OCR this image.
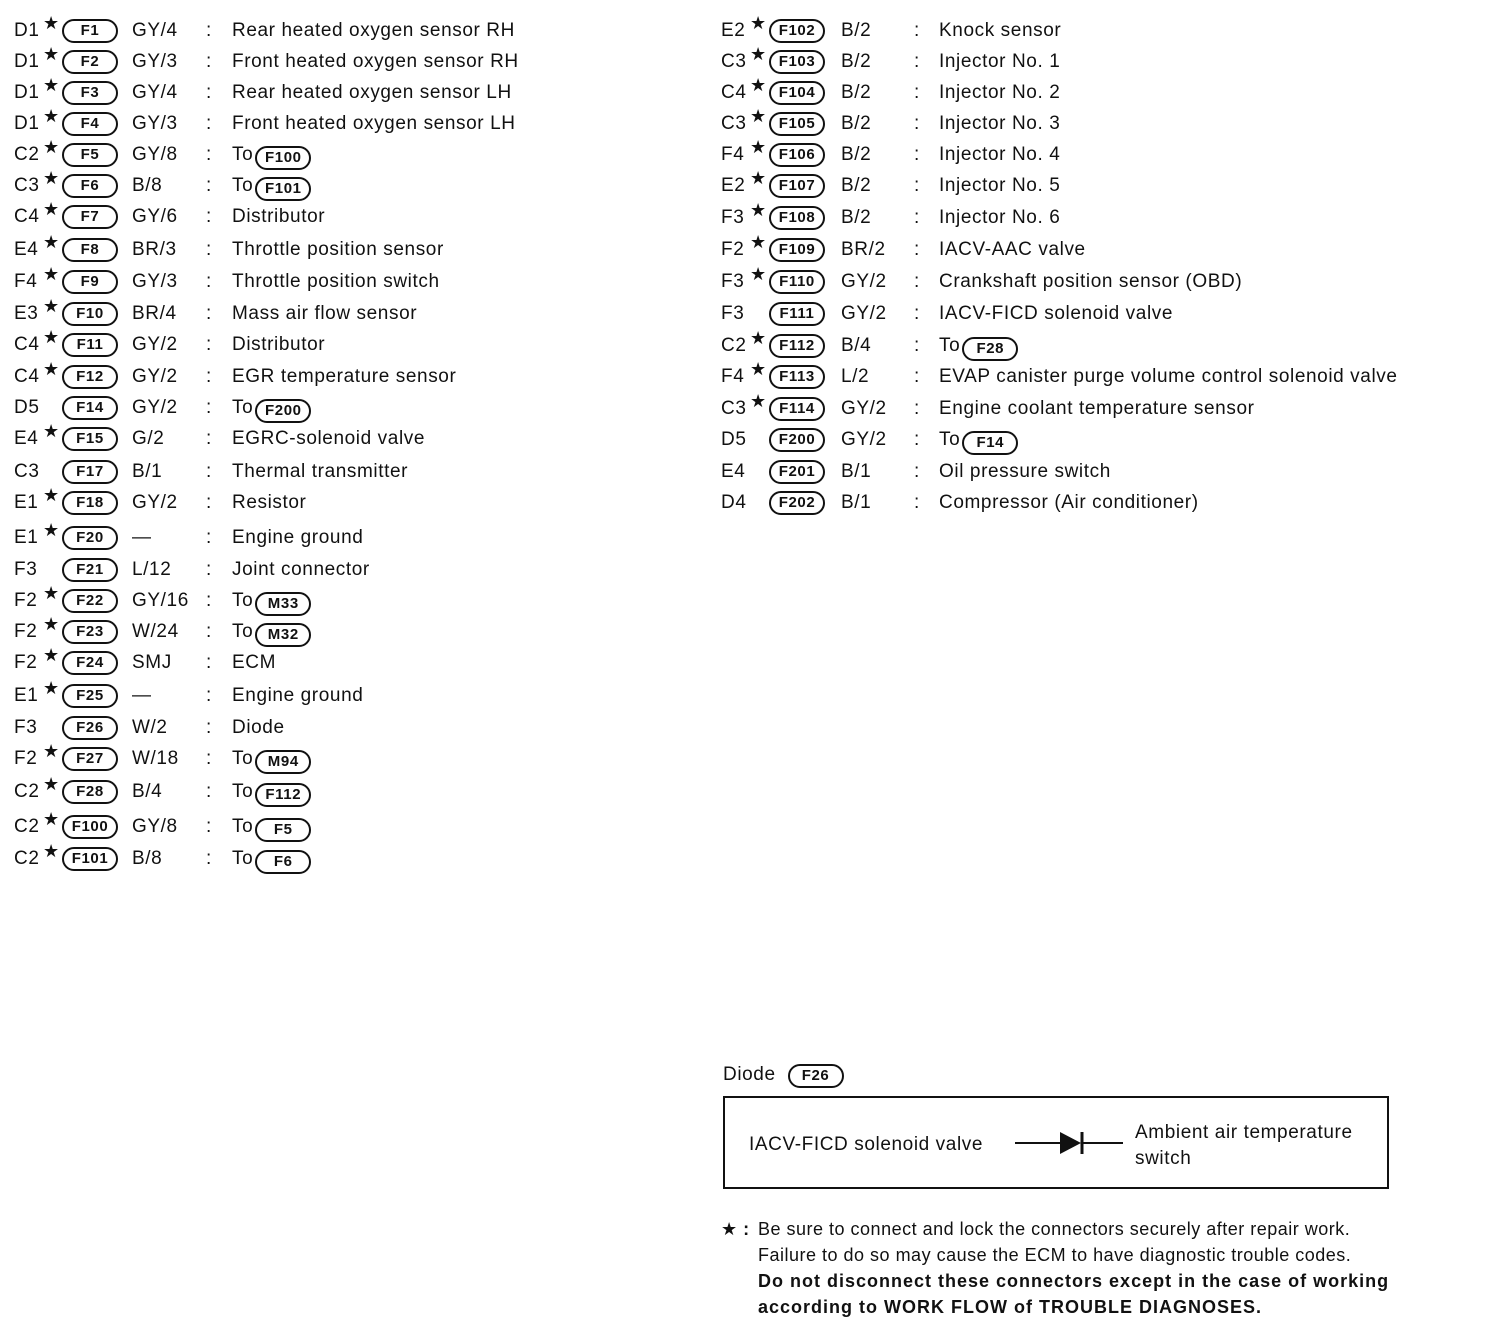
D1 ★	F1	GY/4	: Rear heated oxygen sensor RH
D1 ★	F2	GY/3	: Front heated oxygen sensor RH
D1 ★	F3	GY/4	: Rear heated oxygen sensor LH
D1 ★	F4	GY/3	: Front heated oxygen sensor LH
C2 ★	F5	GY/8	: To F100
C3 ★	F6	B/8	: To F101
C4 ★	F7	GY/6	: Distributor
E4 ★	F8	BR/3	: Throttle position sensor
F4 ★	F9	GY/3	: Throttle position switch
E3 ★	F10	BR/4	: Mass air flow sensor
C4 ★	F11	GY/2	: Distributor
C4 ★	F12	GY/2	: EGR temperature sensor
D5	F14	GY/2	: To F200
E4 ★	F15	G/2	: EGRC-solenoid valve
C3	F17	B/1	: Thermal transmitter
E1 ★	F18	GY/2	: Resistor
E1 ★	F20	—	: Engine ground
F3	F21	L/12	: Joint connector
F2 ★	F22	GY/16 : To M33
F2 ★	F23	W/24	: To M32
F2 ★	F24	SMJ	: ECM
E1 ★	F25	—	: Engine ground
F3	F26	W/2	: Diode
F2 ★	F27	W/18	: To M94
C2 ★	F28	B/4	: To F112
C2 ★ F100	GY/8	: To F5
C2 ★ F101	B/8	: To F6
E2 ★ F102	B/2	: Knock sensor
C3 ★ F103	B/2	: Injector No. 1
C4 ★ F104	B/2	: Injector No. 2
C3 ★ F105	B/2	: Injector No. 3
F4 ★ F106	B/2	: Injector No. 4
E2 ★ F107	B/2	: Injector No. 5
F3 ★ F108	B/2	: Injector No. 6
F2 ★ F109	BR/2	: IACV-AAC valve
F3 ★ F110	GY/2	: Crankshaft position sensor (OBD)
F3	F111	GY/2	: IACV-FICD solenoid valve
C2 ★ F112	B/4	: To F28
F4 ★ F113	L/2	: EVAP canister purge volume control solenoid valve
C3 ★ F114	GY/2	: Engine coolant temperature sensor
D5	F200	GY/2	: To F14
E4	F201	B/1	: Oil pressure switch
D4	F202	B/1	: Compressor (Air conditioner)
Diode F26
IACV-FICD solenoid valve
Ambient air temperature
switch
★ : Be sure to connect and lock the connectors securely after repair work.
Failure to do so may cause the ECM to have diagnostic trouble codes.
Do not disconnect these connectors except in the case of working
according to WORK FLOW of TROUBLE DIAGNOSES.
